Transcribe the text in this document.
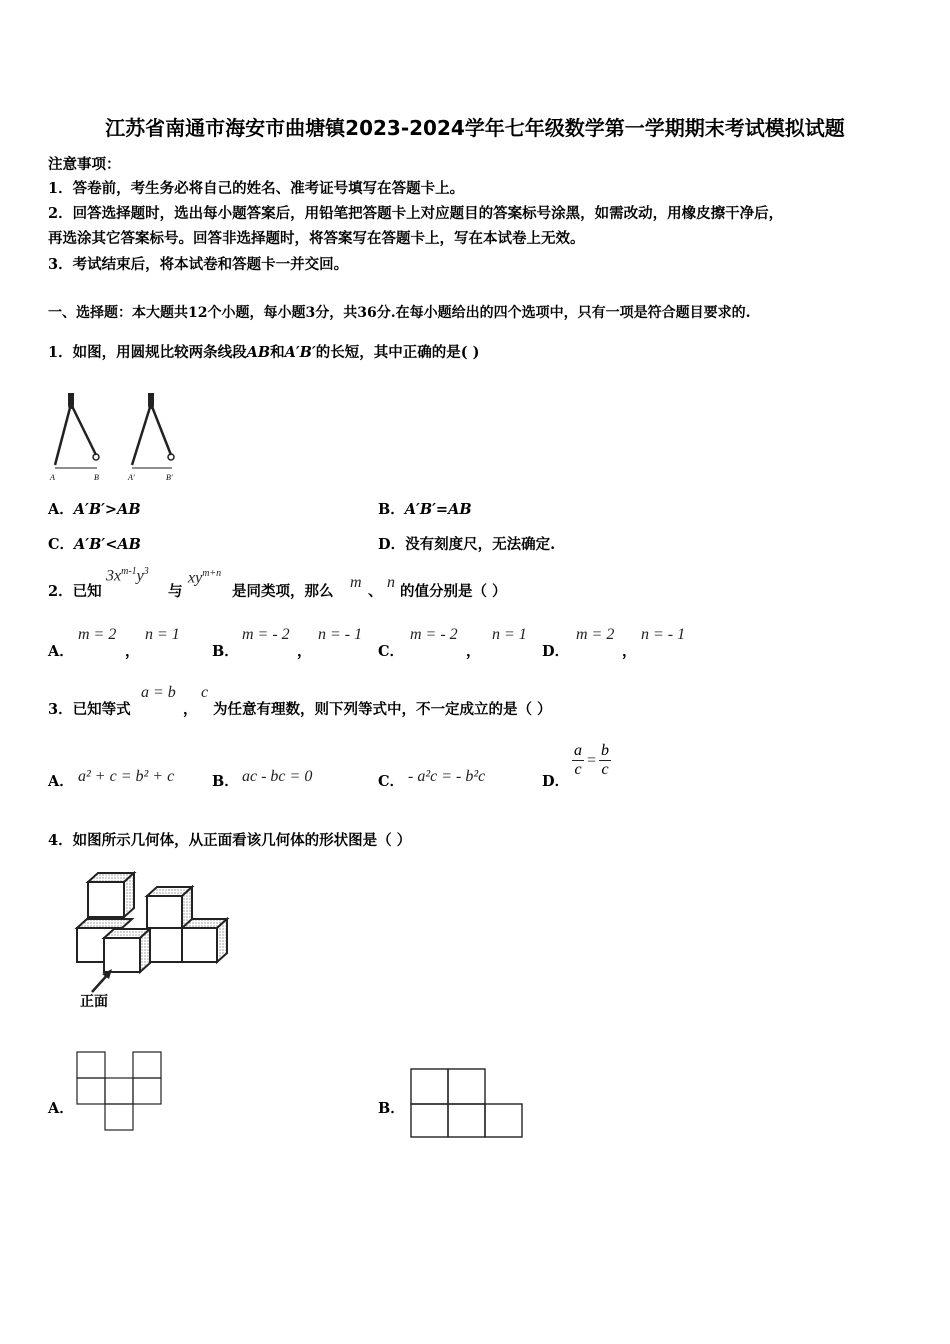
江苏省南通市海安市曲塘镇2023-2024学年七年级数学第一学期期末考试模拟试题
注意事项：
1．答卷前，考生务必将自己的姓名、准考证号填写在答题卡上。
2．回答选择题时，选出每小题答案后，用铅笔把答题卡上对应题目的答案标号涂黑，如需改动，用橡皮擦干净后，
再选涂其它答案标号。回答非选择题时，将答案写在答题卡上，写在本试卷上无效。
3．考试结束后，将本试卷和答题卡一并交回。
一、选择题：本大题共12个小题，每小题3分，共36分.在每小题给出的四个选项中，只有一项是符合题目要求的.
1．如图，用圆规比较两条线段AB和A′B′的长短，其中正确的是( )
A	B	A′	B′
A．A′B′>AB	B．A′B′=AB
C．A′B′<AB	D．没有刻度尺，无法确定.
2．已知
$3x^{m-1}y^3$
与
$xy^{m+n}$
是同类项，那么
m
、
n
的值分别是（ ）
A．
m = 2
，
n = 1
B．
m = - 2
，
n = - 1
C．
m = - 2
，
n = 1
D．
m = 2
，
n = - 1
3．已知等式
a = b
，
c
为任意有理数，则下列等式中，不一定成立的是（ ）
A． a² + c = b² + c	B． ac - bc = 0	C． - a²c = - b²c	D．
$\frac{a}{c} = \frac{b}{c}$
4．如图所示几何体，从正面看该几何体的形状图是（ ）
正面
A．	B．
